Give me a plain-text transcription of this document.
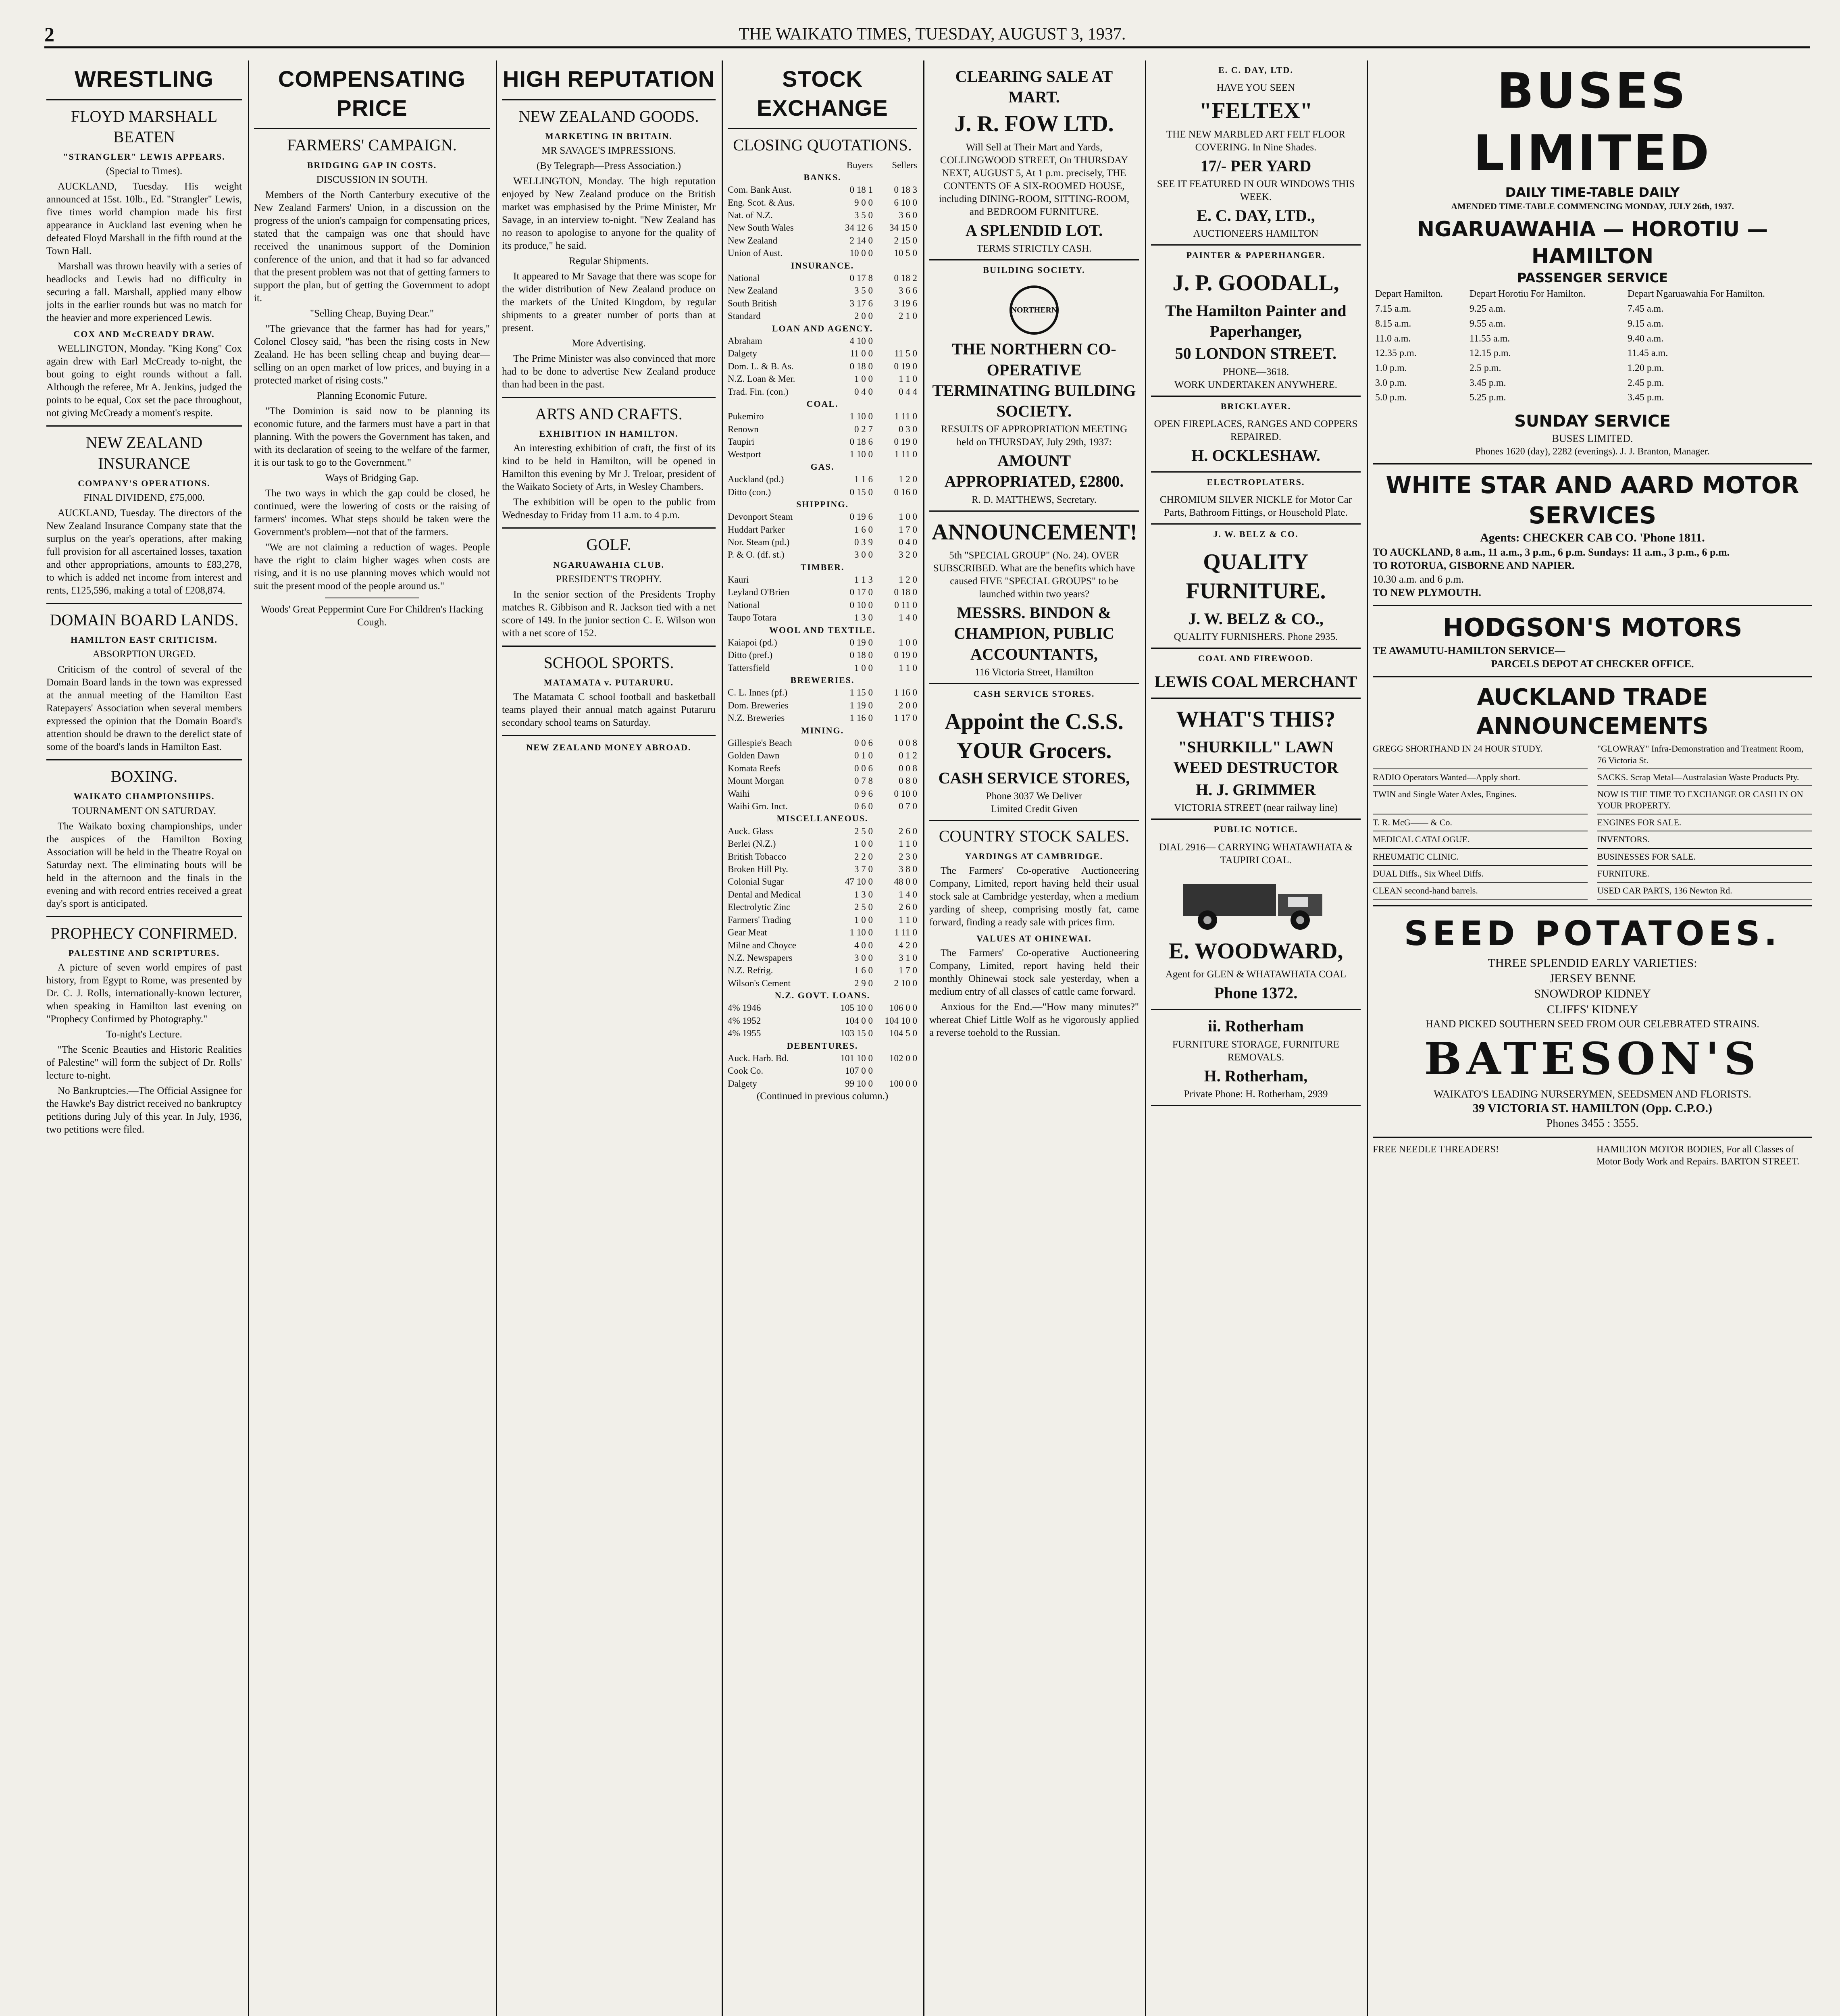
2	THE WAIKATO TIMES, TUESDAY, AUGUST 3, 1937.
WRESTLING
FLOYD MARSHALL BEATEN
"STRANGLER" LEWIS APPEARS.

(Special to Times).

AUCKLAND, Tuesday. His weight announced at 15st. 10lb., Ed. "Strangler" Lewis, five times world champion made his first appearance in Auckland last evening when he defeated Floyd Marshall in the fifth round at the Town Hall.

Marshall was thrown heavily with a series of headlocks and Lewis had no difficulty in securing a fall. Marshall, applied many elbow jolts in the earlier rounds but was no match for the heavier and more experienced Lewis.

COX AND McCREADY DRAW.

WELLINGTON, Monday. "King Kong" Cox again drew with Earl McCready to-night, the bout going to eight rounds without a fall. Although the referee, Mr A. Jenkins, judged the points to be equal, Cox set the pace throughout, not giving McCready a moment's respite.

NEW ZEALAND INSURANCE
COMPANY'S OPERATIONS.

FINAL DIVIDEND, £75,000.

AUCKLAND, Tuesday. The directors of the New Zealand Insurance Company state that the surplus on the year's operations, after making full provision for all ascertained losses, taxation and other appropriations, amounts to £83,278, to which is added net income from interest and rents, £125,596, making a total of £208,874.

DOMAIN BOARD LANDS.
HAMILTON EAST CRITICISM.

ABSORPTION URGED.

Criticism of the control of several of the Domain Board lands in the town was expressed at the annual meeting of the Hamilton East Ratepayers' Association when several members expressed the opinion that the Domain Board's attention should be drawn to the derelict state of some of the board's lands in Hamilton East.

BOXING.
WAIKATO CHAMPIONSHIPS.

TOURNAMENT ON SATURDAY.

The Waikato boxing championships, under the auspices of the Hamilton Boxing Association will be held in the Theatre Royal on Saturday next. The eliminating bouts will be held in the afternoon and the finals in the evening and with record entries received a great day's sport is anticipated.

PROPHECY CONFIRMED.
PALESTINE AND SCRIPTURES.

A picture of seven world empires of past history, from Egypt to Rome, was presented by Dr. C. J. Rolls, internationally-known lecturer, when speaking in Hamilton last evening on "Prophecy Confirmed by Photography."

To-night's Lecture.

"The Scenic Beauties and Historic Realities of Palestine" will form the subject of Dr. Rolls' lecture to-night.

No Bankruptcies.—The Official Assignee for the Hawke's Bay district received no bankruptcy petitions during July of this year. In July, 1936, two petitions were filed.

COMPENSATING PRICE
FARMERS' CAMPAIGN.
BRIDGING GAP IN COSTS.

DISCUSSION IN SOUTH.

Members of the North Canterbury executive of the New Zealand Farmers' Union, in a discussion on the progress of the union's campaign for compensating prices, stated that the campaign was one that should have received the unanimous support of the Dominion conference of the union, and that it had so far advanced that the present problem was not that of getting farmers to support the plan, but of getting the Government to adopt it.

"Selling Cheap, Buying Dear."

"The grievance that the farmer has had for years," Colonel Closey said, "has been the rising costs in New Zealand. He has been selling cheap and buying dear—selling on an open market of low prices, and buying in a protected market of rising costs."

Planning Economic Future.

"The Dominion is said now to be planning its economic future, and the farmers must have a part in that planning. With the powers the Government has taken, and with its declaration of seeing to the welfare of the farmer, it is our task to go to the Government."

Ways of Bridging Gap.

The two ways in which the gap could be closed, he continued, were the lowering of costs or the raising of farmers' incomes. What steps should be taken were the Government's problem—not that of the farmers.

"We are not claiming a reduction of wages. People have the right to claim higher wages when costs are rising, and it is no use planning moves which would not suit the present mood of the people around us."

Woods' Great Peppermint Cure For Children's Hacking Cough.

HIGH REPUTATION
NEW ZEALAND GOODS.
MARKETING IN BRITAIN.

MR SAVAGE'S IMPRESSIONS.

(By Telegraph—Press Association.)

WELLINGTON, Monday. The high reputation enjoyed by New Zealand produce on the British market was emphasised by the Prime Minister, Mr Savage, in an interview to-night. "New Zealand has no reason to apologise to anyone for the quality of its produce," he said.

Regular Shipments.

It appeared to Mr Savage that there was scope for the wider distribution of New Zealand produce on the markets of the United Kingdom, by regular shipments to a greater number of ports than at present.

More Advertising.

The Prime Minister was also convinced that more had to be done to advertise New Zealand produce than had been in the past.

ARTS AND CRAFTS.
EXHIBITION IN HAMILTON.

An interesting exhibition of craft, the first of its kind to be held in Hamilton, will be opened in Hamilton this evening by Mr J. Treloar, president of the Waikato Society of Arts, in Wesley Chambers.

The exhibition will be open to the public from Wednesday to Friday from 11 a.m. to 4 p.m.

GOLF.
NGARUAWAHIA CLUB.

PRESIDENT'S TROPHY.

In the senior section of the Presidents Trophy matches R. Gibbison and R. Jackson tied with a net score of 149. In the junior section C. E. Wilson won with a net score of 152.

SCHOOL SPORTS.
MATAMATA v. PUTARURU.

The Matamata C school football and basketball teams played their annual match against Putaruru secondary school teams on Saturday.

NEW ZEALAND MONEY ABROAD.
STOCK EXCHANGE
CLOSING QUOTATIONS.
	Buyers	Sellers
BANKS.		
Com. Bank Aust.	0 18 1	0 18 3
Eng. Scot. & Aus.	9 0 0	6 10 0
Nat. of N.Z.	3 5 0	3 6 0
New South Wales	34 12 6	34 15 0
New Zealand	2 14 0	2 15 0
Union of Aust.	10 0 0	10 5 0
INSURANCE.		
National	0 17 8	0 18 2
New Zealand	3 5 0	3 6 6
South British	3 17 6	3 19 6
Standard	2 0 0	2 1 0
LOAN AND AGENCY.		
Abraham	4 10 0	
Dalgety	11 0 0	11 5 0
Dom. L. & B. As.	0 18 0	0 19 0
N.Z. Loan & Mer.	1 0 0	1 1 0
Trad. Fin. (con.)	0 4 0	0 4 4
COAL.		
Pukemiro	1 10 0	1 11 0
Renown	0 2 7	0 3 0
Taupiri	0 18 6	0 19 0
Westport	1 10 0	1 11 0
GAS.		
Auckland (pd.)	1 1 6	1 2 0
Ditto (con.)	0 15 0	0 16 0
SHIPPING.		
Devonport Steam	0 19 6	1 0 0
Huddart Parker	1 6 0	1 7 0
Nor. Steam (pd.)	0 3 9	0 4 0
P. & O. (df. st.)	3 0 0	3 2 0
TIMBER.		
Kauri	1 1 3	1 2 0
Leyland O'Brien	0 17 0	0 18 0
National	0 10 0	0 11 0
Taupo Totara	1 3 0	1 4 0
WOOL AND TEXTILE.		
Kaiapoi (pd.)	0 19 0	1 0 0
Ditto (pref.)	0 18 0	0 19 0
Tattersfield	1 0 0	1 1 0
BREWERIES.		
C. L. Innes (pf.)	1 15 0	1 16 0
Dom. Breweries	1 19 0	2 0 0
N.Z. Breweries	1 16 0	1 17 0
MINING.		
Gillespie's Beach	0 0 6	0 0 8
Golden Dawn	0 1 0	0 1 2
Komata Reefs	0 0 6	0 0 8
Mount Morgan	0 7 8	0 8 0
Waihi	0 9 6	0 10 0
Waihi Grn. Inct.	0 6 0	0 7 0
MISCELLANEOUS.		
Auck. Glass	2 5 0	2 6 0
Berlei (N.Z.)	1 0 0	1 1 0
British Tobacco	2 2 0	2 3 0
Broken Hill Pty.	3 7 0	3 8 0
Colonial Sugar	47 10 0	48 0 0
Dental and Medical	1 3 0	1 4 0
Electrolytic Zinc	2 5 0	2 6 0
Farmers' Trading	1 0 0	1 1 0
Gear Meat	1 10 0	1 11 0
Milne and Choyce	4 0 0	4 2 0
N.Z. Newspapers	3 0 0	3 1 0
N.Z. Refrig.	1 6 0	1 7 0
Wilson's Cement	2 9 0	2 10 0
N.Z. GOVT. LOANS.		
4% 1946	105 10 0	106 0 0
4% 1952	104 0 0	104 10 0
4% 1955	103 15 0	104 5 0
DEBENTURES.		
Auck. Harb. Bd.	101 10 0	102 0 0
Cook Co.	107 0 0	
Dalgety	99 10 0	100 0 0

(Continued in previous column.)

CLEARING SALE AT MART.
J. R. FOW LTD.
Will Sell at Their Mart and Yards, COLLINGWOOD STREET, On THURSDAY NEXT, AUGUST 5, At 1 p.m. precisely, THE CONTENTS OF A SIX-ROOMED HOUSE, including DINING-ROOM, SITTING-ROOM, and BEDROOM FURNITURE.
A SPLENDID LOT.
TERMS STRICTLY CASH.
BUILDING SOCIETY.
NORTHERN
THE NORTHERN CO-OPERATIVE TERMINATING BUILDING SOCIETY.
RESULTS OF APPROPRIATION MEETING held on THURSDAY, July 29th, 1937:
AMOUNT APPROPRIATED, £2800.
R. D. MATTHEWS, Secretary.
ANNOUNCEMENT!
5th "SPECIAL GROUP" (No. 24). OVER SUBSCRIBED. What are the benefits which have caused FIVE "SPECIAL GROUPS" to be launched within two years?
MESSRS. BINDON & CHAMPION, PUBLIC ACCOUNTANTS,
116 Victoria Street, Hamilton
CASH SERVICE STORES.
Appoint the C.S.S. YOUR Grocers.
CASH SERVICE STORES,
Phone 3037 We Deliver
Limited Credit Given
COUNTRY STOCK SALES.
YARDINGS AT CAMBRIDGE.

The Farmers' Co-operative Auctioneering Company, Limited, report having held their usual stock sale at Cambridge yesterday, when a medium yarding of sheep, comprising mostly fat, came forward, finding a ready sale with prices firm.

VALUES AT OHINEWAI.

The Farmers' Co-operative Auctioneering Company, Limited, report having held their monthly Ohinewai stock sale yesterday, when a medium entry of all classes of cattle came forward.

Anxious for the End.—"How many minutes?" whereat Chief Little Wolf as he vigorously applied a reverse toehold to the Russian.

E. C. DAY, LTD.
HAVE YOU SEEN
"FELTEX"
THE NEW MARBLED ART FELT FLOOR COVERING. In Nine Shades.
17/- PER YARD
SEE IT FEATURED IN OUR WINDOWS THIS WEEK.
E. C. DAY, LTD.,
AUCTIONEERS HAMILTON
PAINTER & PAPERHANGER.
J. P. GOODALL,
The Hamilton Painter and Paperhanger,
50 LONDON STREET.
PHONE—3618.
WORK UNDERTAKEN ANYWHERE.
BRICKLAYER.
OPEN FIREPLACES, RANGES AND COPPERS REPAIRED.
H. OCKLESHAW.
ELECTROPLATERS.
CHROMIUM SILVER NICKLE for Motor Car Parts, Bathroom Fittings, or Household Plate.
J. W. BELZ & CO.
QUALITY FURNITURE.
J. W. BELZ & CO.,
QUALITY FURNISHERS. Phone 2935.
COAL AND FIREWOOD.
LEWIS COAL MERCHANT
WHAT'S THIS?
"SHURKILL" LAWN WEED DESTRUCTOR
H. J. GRIMMER
VICTORIA STREET (near railway line)
PUBLIC NOTICE.
DIAL 2916— CARRYING WHATAWHATA & TAUPIRI COAL.
E. WOODWARD,
Agent for GLEN & WHATAWHATA COAL
Phone 1372.
ii. Rotherham
FURNITURE STORAGE, FURNITURE REMOVALS.
H. Rotherham,
Private Phone: H. Rotherham, 2939
BUSES LIMITED
DAILY TIME-TABLE DAILY
AMENDED TIME-TABLE COMMENCING MONDAY, JULY 26th, 1937.
NGARUAWAHIA — HOROTIU — HAMILTON
PASSENGER SERVICE
Depart Hamilton.	Depart Horotiu For Hamilton.	Depart Ngaruawahia For Hamilton.
7.15 a.m.	9.25 a.m.	7.45 a.m.
8.15 a.m.	9.55 a.m.	9.15 a.m.
11.0 a.m.	11.55 a.m.	9.40 a.m.
12.35 p.m.	12.15 p.m.	11.45 a.m.
1.0 p.m.	2.5 p.m.	1.20 p.m.
3.0 p.m.	3.45 p.m.	2.45 p.m.
5.0 p.m.	5.25 p.m.	3.45 p.m.
SUNDAY SERVICE
BUSES LIMITED.
Phones 1620 (day), 2282 (evenings). J. J. Branton, Manager.
WHITE STAR AND AARD MOTOR SERVICES
Agents: CHECKER CAB CO. 'Phone 1811.
TO AUCKLAND, 8 a.m., 11 a.m., 3 p.m., 6 p.m. Sundays: 11 a.m., 3 p.m., 6 p.m.
TO ROTORUA, GISBORNE AND NAPIER.
10.30 a.m. and 6 p.m.
TO NEW PLYMOUTH.
HODGSON'S MOTORS
TE AWAMUTU-HAMILTON SERVICE—
PARCELS DEPOT AT CHECKER OFFICE.
AUCKLAND TRADE ANNOUNCEMENTS
GREGG SHORTHAND IN 24 HOUR STUDY.	"GLOWRAY" Infra-Demonstration and Treatment Room, 76 Victoria St.
RADIO Operators Wanted—Apply short.	SACKS. Scrap Metal—Australasian Waste Products Pty.
TWIN and Single Water Axles, Engines.	NOW IS THE TIME TO EXCHANGE OR CASH IN ON YOUR PROPERTY.
T. R. McG—— & Co.	ENGINES FOR SALE.
MEDICAL CATALOGUE.	INVENTORS.
RHEUMATIC CLINIC.	BUSINESSES FOR SALE.
DUAL Diffs., Six Wheel Diffs.	FURNITURE.
CLEAN second-hand barrels.	USED CAR PARTS, 136 Newton Rd.
SEED POTATOES.
THREE SPLENDID EARLY VARIETIES:
JERSEY BENNE
SNOWDROP KIDNEY
CLIFFS' KIDNEY
HAND PICKED SOUTHERN SEED FROM OUR CELEBRATED STRAINS.
BATESON'S
WAIKATO'S LEADING NURSERYMEN, SEEDSMEN AND FLORISTS.
39 VICTORIA ST. HAMILTON (Opp. C.P.O.)
Phones 3455 : 3555.
FREE NEEDLE THREADERS!	HAMILTON MOTOR BODIES, For all Classes of Motor Body Work and Repairs. BARTON STREET.
